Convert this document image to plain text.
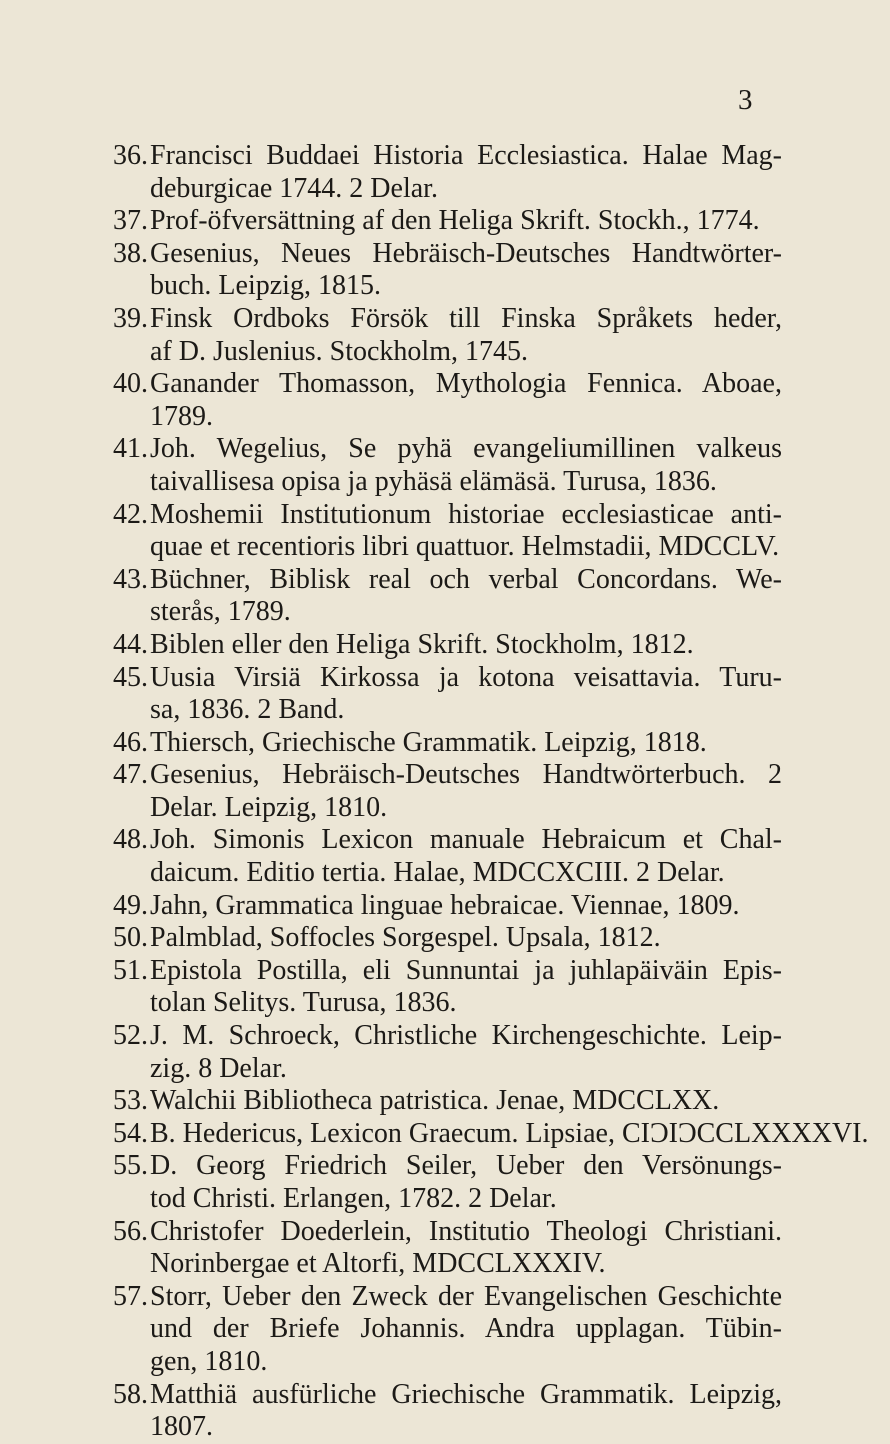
3
36. Francisci Buddaei Historia Ecclesiastica. Halae Mag-
deburgicae 1744. 2 Delar.
37. Prof-öfversättning af den Heliga Skrift. Stockh., 1774.
38. Gesenius, Neues Hebräisch-Deutsches Handtwörter-
buch. Leipzig, 1815.
39. Finsk Ordboks Försök till Finska Språkets heder,
af D. Juslenius. Stockholm, 1745.
40. Ganander Thomasson, Mythologia Fennica. Aboae,
1789.
41. Joh. Wegelius, Se pyhä evangeliumillinen valkeus
taivallisesa opisa ja pyhäsä elämäsä. Turusa, 1836.
42. Moshemii Institutionum historiae ecclesiasticae anti-
quae et recentioris libri quattuor. Helmstadii, MDCCLV.
43. Büchner, Biblisk real och verbal Concordans. We-
sterås, 1789.
44. Biblen eller den Heliga Skrift. Stockholm, 1812.
45. Uusia Virsiä Kirkossa ja kotona veisattavia. Turu-
sa, 1836. 2 Band.
46. Thiersch, Griechische Grammatik. Leipzig, 1818.
47. Gesenius, Hebräisch-Deutsches Handtwörterbuch. 2
Delar. Leipzig, 1810.
48. Joh. Simonis Lexicon manuale Hebraicum et Chal-
daicum. Editio tertia. Halae, MDCCXCIII. 2 Delar.
49. Jahn, Grammatica linguae hebraicae. Viennae, 1809.
50. Palmblad, Soffocles Sorgespel. Upsala, 1812.
51. Epistola Postilla, eli Sunnuntai ja juhlapäiväin Epis-
tolan Selitys. Turusa, 1836.
52. J. M. Schroeck, Christliche Kirchengeschichte. Leip-
zig. 8 Delar.
53. Walchii Bibliotheca patristica. Jenae, MDCCLXX.
54. B. Hedericus, Lexicon Graecum. Lipsiae, CIƆIƆCCLXXXXVI.
55. D. Georg Friedrich Seiler, Ueber den Versönungs-
tod Christi. Erlangen, 1782. 2 Delar.
56. Christofer Doederlein, Institutio Theologi Christiani.
Norinbergae et Altorfi, MDCCLXXXIV.
57. Storr, Ueber den Zweck der Evangelischen Geschichte
und der Briefe Johannis. Andra upplagan. Tübin-
gen, 1810.
58. Matthiä ausfürliche Griechische Grammatik. Leipzig,
1807.
